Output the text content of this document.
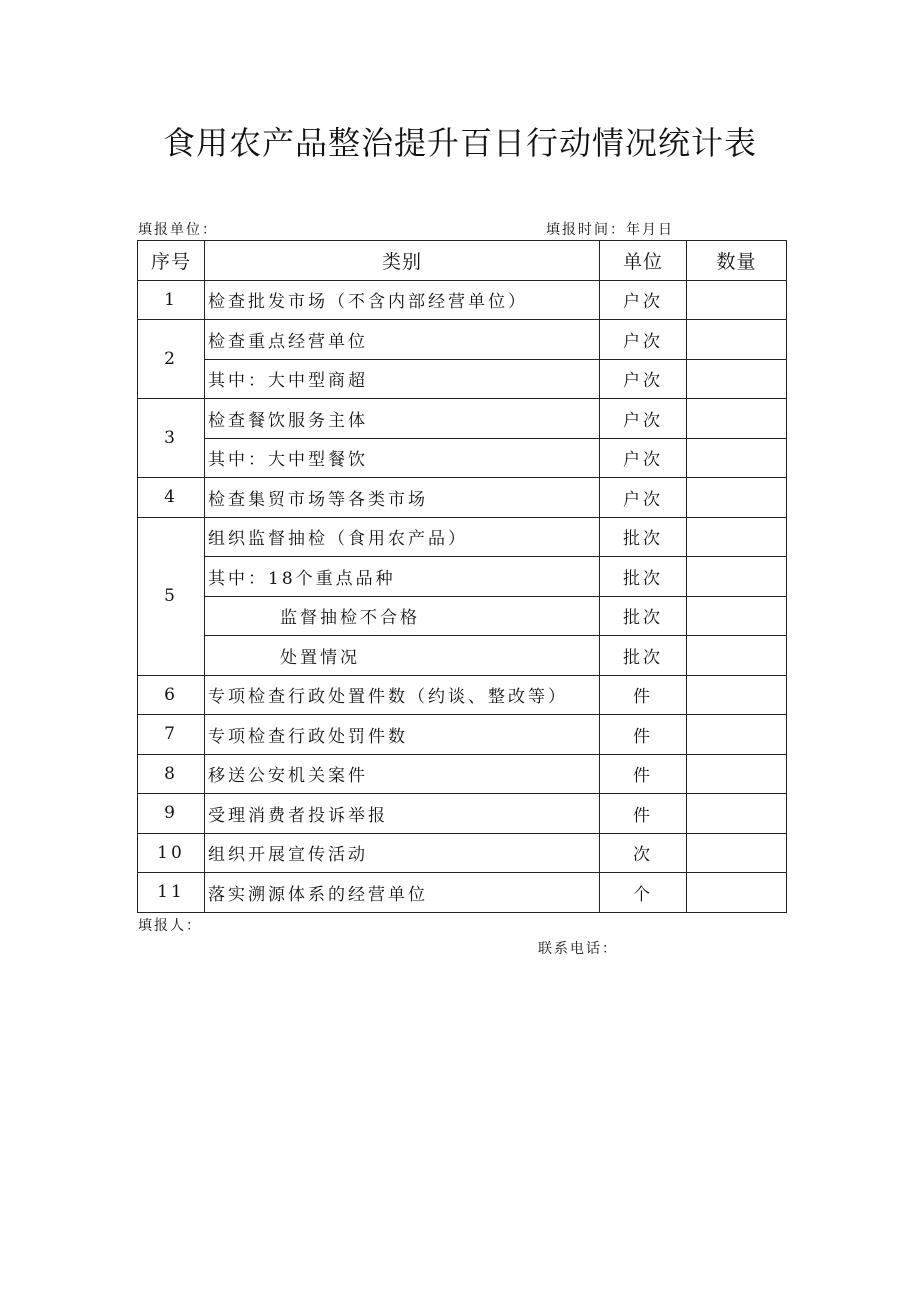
食用农产品整治提升百日行动情况统计表
填报单位：	填报时间：年月日
序号	类别	单位	数量
1	检查批发市场（不含内部经营单位）	户次	
2	检查重点经营单位	户次	
	其中：大中型商超	户次	
3	检查餐饮服务主体	户次	
	其中：大中型餐饮	户次	
4	检查集贸市场等各类市场	户次	
5	组织监督抽检（食用农产品）	批次	
	其中：18个重点品种	批次	
	监督抽检不合格	批次	
	处置情况	批次	
6	专项检查行政处置件数（约谈、整改等）	件	
7	专项检查行政处罚件数	件	
8	移送公安机关案件	件	
9	受理消费者投诉举报	件	
10	组织开展宣传活动	次	
11	落实溯源体系的经营单位	个	
填报人：
联系电话：
